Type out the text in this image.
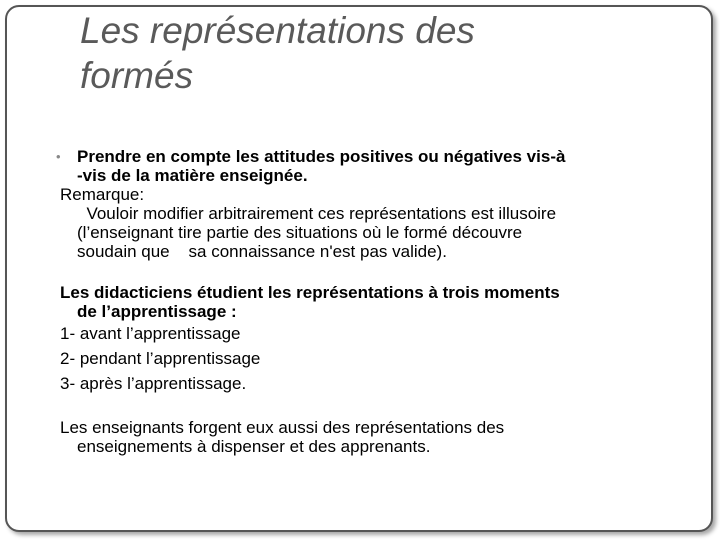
Les représentations des
formés
• Prendre en compte les attitudes positives ou négatives vis-à
-vis de la matière enseignée.

Remarque:

Vouloir modifier arbitrairement ces représentations est illusoire
(l’enseignant tire partie des situations où le formé découvre
soudain que    sa connaissance n'est pas valide).
Les didacticiens étudient les représentations à trois moments
de l’apprentissage :

1- avant l’apprentissage

2- pendant l’apprentissage

3- après l’apprentissage.

Les enseignants forgent eux aussi des représentations des
enseignements à dispenser et des apprenants.
